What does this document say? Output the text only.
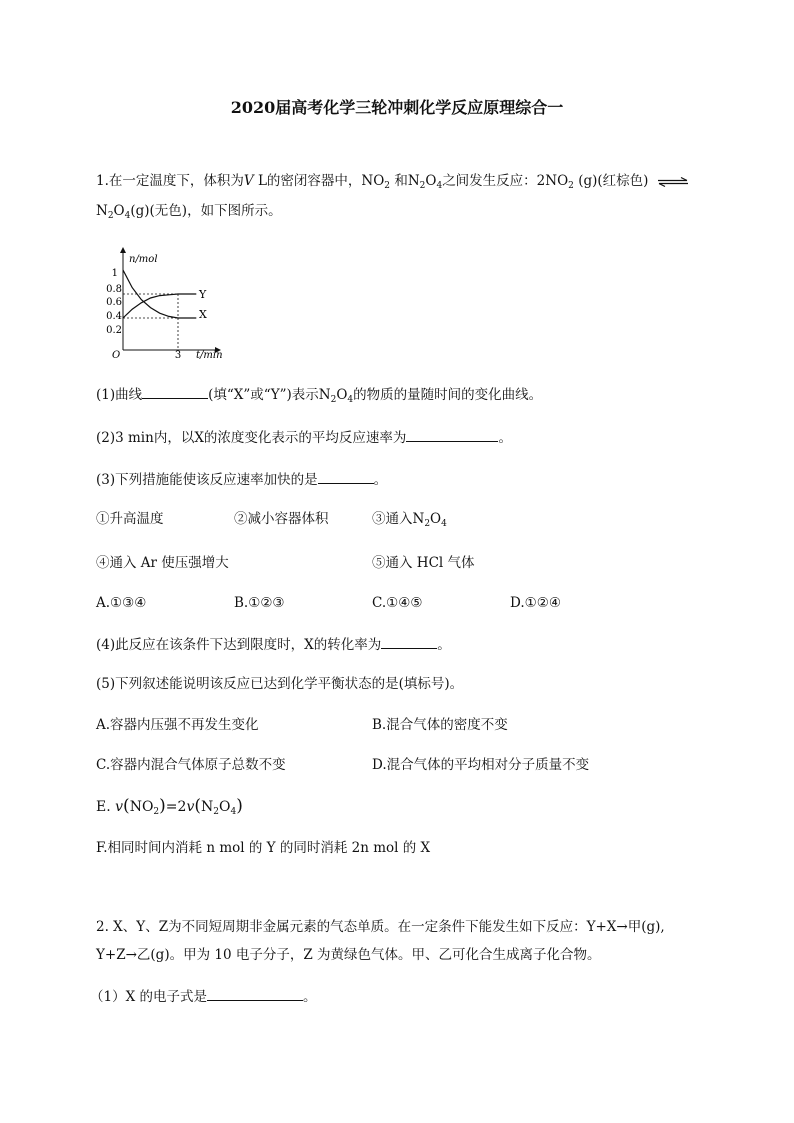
2020届高考化学三轮冲刺化学反应原理综合一
1.在一定温度下，体积为V L的密闭容器中，$NO_2$ 和$N_2O_4$之间发生反应：$2NO_2$ (g)(红棕色) ⇌
$N_2O_4(g)$(无色)，如下图所示。
n/mol
t/min
O
1
0.8
0.6
0.4
0.2
3
Y
X
(1)曲线	(填“X”或“Y”)表示$N_2O_4$的物质的量随时间的变化曲线。
(2)3 min内，以X的浓度变化表示的平均反应速率为	。
(3)下列措施能使该反应速率加快的是	。
①升高温度	②减小容器体积	③通入$N_2O_4$
④通入 Ar 使压强增大	⑤通入 HCl 气体
A.①③④	B.①②③	C.①④⑤	D.①②④
(4)此反应在该条件下达到限度时，X的转化率为	。
(5)下列叙述能说明该反应已达到化学平衡状态的是(填标号)。
A.容器内压强不再发生变化	B.混合气体的密度不变
C.容器内混合气体原子总数不变	D.混合气体的平均相对分子质量不变
E. $v(NO_2)=2v(N_2O_4)$
F.相同时间内消耗 n mol 的 Y 的同时消耗 2n mol 的 X
2. X、Y、Z为不同短周期非金属元素的气态单质。在一定条件下能发生如下反应：Y+X→甲(g),
Y+Z→乙(g)。甲为 10 电子分子，Z 为黄绿色气体。甲、乙可化合生成离子化合物。
（1）X 的电子式是	。
